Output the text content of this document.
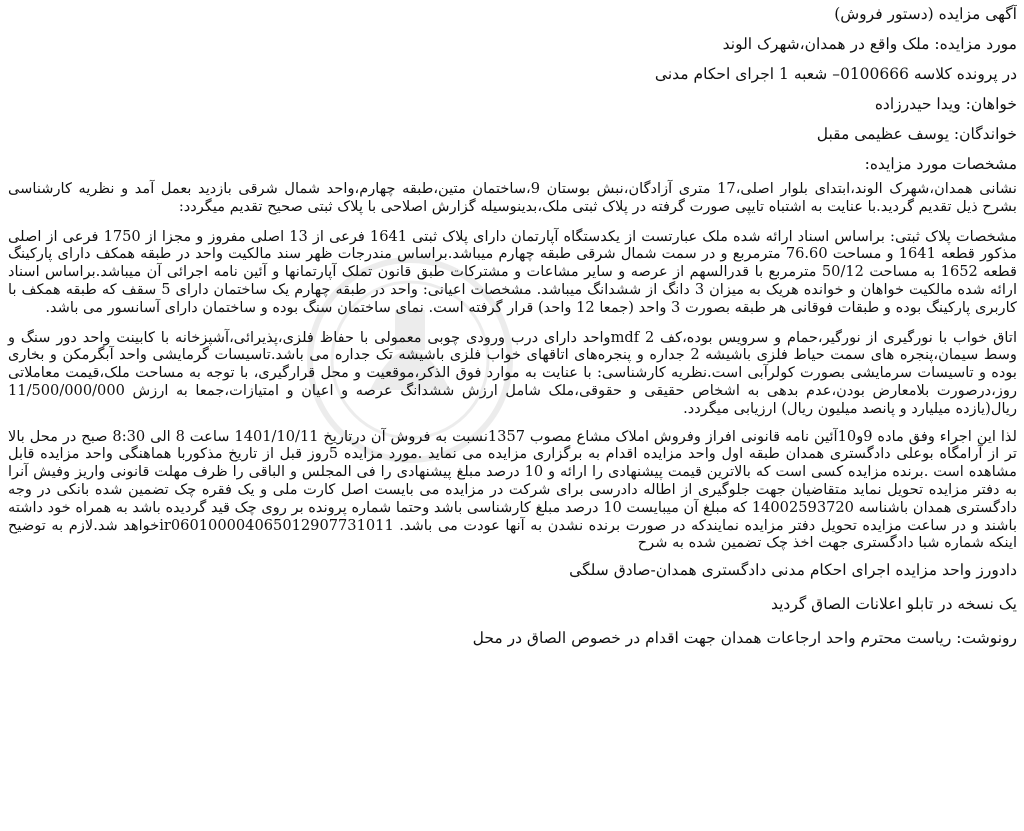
آگهی مزایده (دستور فروش)

مورد مزایده: ملک واقع در همدان،شهرک الوند

در پرونده کلاسه 0100666– شعبه 1 اجرای احکام مدنی

خواهان: ویدا حیدرزاده

خواندگان: یوسف عظیمی مقبل

مشخصات مورد مزایده:

نشانی همدان،شهرک الوند،ابتدای بلوار اصلی،17 متری آزادگان،نبش بوستان 9،ساختمان متین،طبقه چهارم،واحد شمال شرقی بازدید بعمل آمد و نظریه کارشناسی بشرح ذیل تقدیم گردید.با عنایت به اشتباه تایپی صورت گرفته در پلاک ثبتی ملک،بدینوسیله گزارش اصلاحی با پلاک ثبتی صحیح تقدیم میگردد:

مشخصات پلاک ثبتی: براساس اسناد ارائه شده ملک عبارتست از یکدستگاه آپارتمان دارای پلاک ثبتی 1641 فرعی از 13 اصلی مفروز و مجزا از 1750 فرعی از اصلی مذکور قطعه 1641 و مساحت 76.60 مترمربع و در سمت شمال شرقی طبقه چهارم میباشد.براساس مندرجات ظهر سند مالکیت واحد در طبقه همکف دارای پارکینگ قطعه 1652 به مساحت 50/12 مترمربع با قدرالسهم از عرصه و سایر مشاعات و مشترکات طبق قانون تملک آپارتمانها و آئین نامه اجرائی آن میباشد.براساس اسناد ارائه شده مالکیت خواهان و خوانده هریک به میزان 3 دانگ از ششدانگ میباشد. مشخصات اعیانی: واحد در طبقه چهارم یک ساختمان دارای 5 سقف که طبقه همکف با کاربری پارکینگ بوده و طبقات فوقانی هر طبقه بصورت 3 واحد (جمعا 12 واحد) قرار گرفته است. نمای ساختمان سنگ بوده و ساختمان دارای آسانسور می باشد.

اتاق خواب با نورگیری از نورگیر،حمام و سرویس بوده،کف mdf 2واحد دارای درب ورودی چوبی معمولی با حفاظ فلزی،پذیرائی،آشپزخانه با کابینت واحد دور سنگ و وسط سیمان،پنجره های سمت حیاط فلزی باشیشه 2 جداره و پنجره‌های اتاقهای خواب فلزی باشیشه تک جداره می باشد.تاسیسات گرمایشی واحد آبگرمکن و بخاری بوده و تاسیسات سرمایشی بصورت کولرآبی است.نظریه کارشناسی: با عنایت به موارد فوق الذکر،موقعیت و محل قرارگیری، با توجه به مساحت ملک،قیمت معاملاتی روز،درصورت بلامعارض بودن،عدم بدهی به اشخاص حقیقی و حقوقی،ملک شامل ارزش ششدانگ عرصه و اعیان و امتیازات،جمعا به ارزش 11/500/000/000 ریال(یازده میلیارد و پانصد میلیون ریال) ارزیابی میگردد.

لذا این اجراء وفق ماده 9و10آئین نامه قانونی افراز وفروش املاک مشاع مصوب 1357نسبت به فروش آن درتاریخ 1401/10/11 ساعت 8 الی 8:30 صبح در محل بالا تر از آرامگاه بوعلی دادگستری همدان طبقه اول واحد مزایده اقدام به برگزاری مزایده می نماید .مورد مزایده 5روز قبل از تاریخ مذکوربا هماهنگی واحد مزایده قابل مشاهده است .برنده مزایده کسی است که بالاترین قیمت پیشنهادی را ارائه و 10 درصد مبلغ پیشنهادی را فی المجلس و الباقی را ظرف مهلت قانونی واریز وفیش آنرا به دفتر مزایده تحویل نماید متقاضیان جهت جلوگیری از اطاله دادرسی برای شرکت در مزایده می بایست اصل کارت ملی و یک فقره چک تضمین شده بانکی در وجه دادگستری همدان باشناسه 14002593720 که مبلغ آن میبایست 10 درصد مبلغ کارشناسی باشد وحتما شماره پرونده بر روی چک قید گردیده باشد به همراه خود داشته باشند و در ساعت مزایده تحویل دفتر مزایده نمایندکه در صورت برنده نشدن به آنها عودت می باشد. ir060100004065012907731011خواهد شد.لازم به توضیح اینکه شماره شبا دادگستری جهت اخذ چک تضمین شده به شرح

دادورز واحد مزایده اجرای احکام مدنی دادگستری همدان-صادق سلگی

یک نسخه در تابلو اعلانات الصاق گردید

رونوشت: ریاست محترم واحد ارجاعات همدان جهت اقدام در خصوص الصاق در محل
